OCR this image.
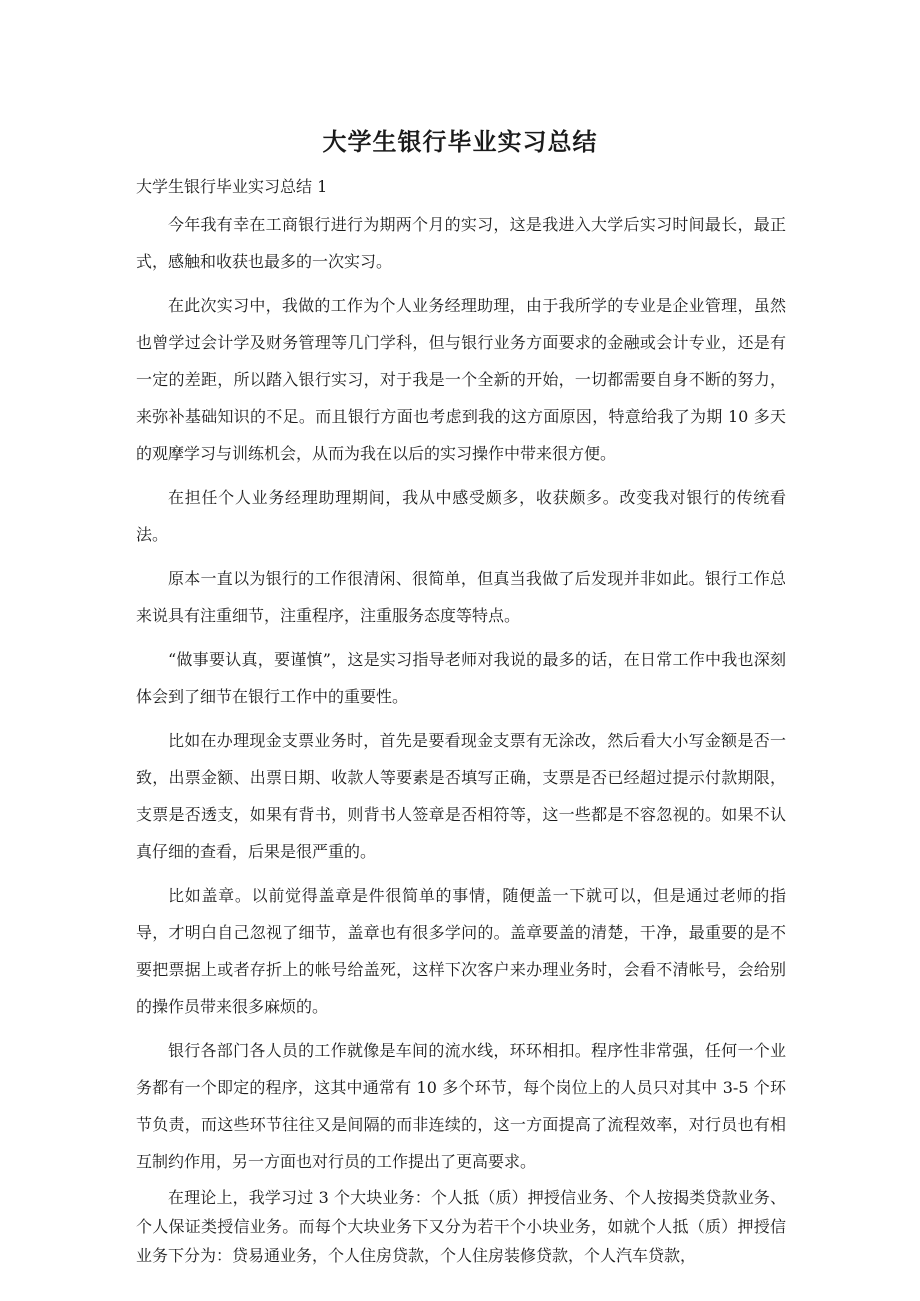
大学生银行毕业实习总结

大学生银行毕业实习总结 1

今年我有幸在工商银行进行为期两个月的实习，这是我进入大学后实习时间最长，最正式，感触和收获也最多的一次实习。

在此次实习中，我做的工作为个人业务经理助理，由于我所学的专业是企业管理，虽然也曾学过会计学及财务管理等几门学科，但与银行业务方面要求的金融或会计专业，还是有一定的差距，所以踏入银行实习，对于我是一个全新的开始，一切都需要自身不断的努力，来弥补基础知识的不足。而且银行方面也考虑到我的这方面原因，特意给我了为期 10 多天的观摩学习与训练机会，从而为我在以后的实习操作中带来很方便。

在担任个人业务经理助理期间，我从中感受颇多，收获颇多。改变我对银行的传统看法。

原本一直以为银行的工作很清闲、很简单，但真当我做了后发现并非如此。银行工作总来说具有注重细节，注重程序，注重服务态度等特点。

“做事要认真，要谨慎”，这是实习指导老师对我说的最多的话，在日常工作中我也深刻体会到了细节在银行工作中的重要性。

比如在办理现金支票业务时，首先是要看现金支票有无涂改，然后看大小写金额是否一致，出票金额、出票日期、收款人等要素是否填写正确，支票是否已经超过提示付款期限，支票是否透支，如果有背书，则背书人签章是否相符等，这一些都是不容忽视的。如果不认真仔细的查看，后果是很严重的。

比如盖章。以前觉得盖章是件很简单的事情，随便盖一下就可以，但是通过老师的指导，才明白自己忽视了细节，盖章也有很多学问的。盖章要盖的清楚，干净，最重要的是不要把票据上或者存折上的帐号给盖死，这样下次客户来办理业务时，会看不清帐号，会给别的操作员带来很多麻烦的。

银行各部门各人员的工作就像是车间的流水线，环环相扣。程序性非常强，任何一个业务都有一个即定的程序，这其中通常有 10 多个环节，每个岗位上的人员只对其中 3-5 个环节负责，而这些环节往往又是间隔的而非连续的，这一方面提高了流程效率，对行员也有相互制约作用，另一方面也对行员的工作提出了更高要求。

在理论上，我学习过 3 个大块业务：个人抵（质）押授信业务、个人按揭类贷款业务、个人保证类授信业务。而每个大块业务下又分为若干个小块业务，如就个人抵（质）押授信业务下分为：贷易通业务，个人住房贷款，个人住房装修贷款，个人汽车贷款，
